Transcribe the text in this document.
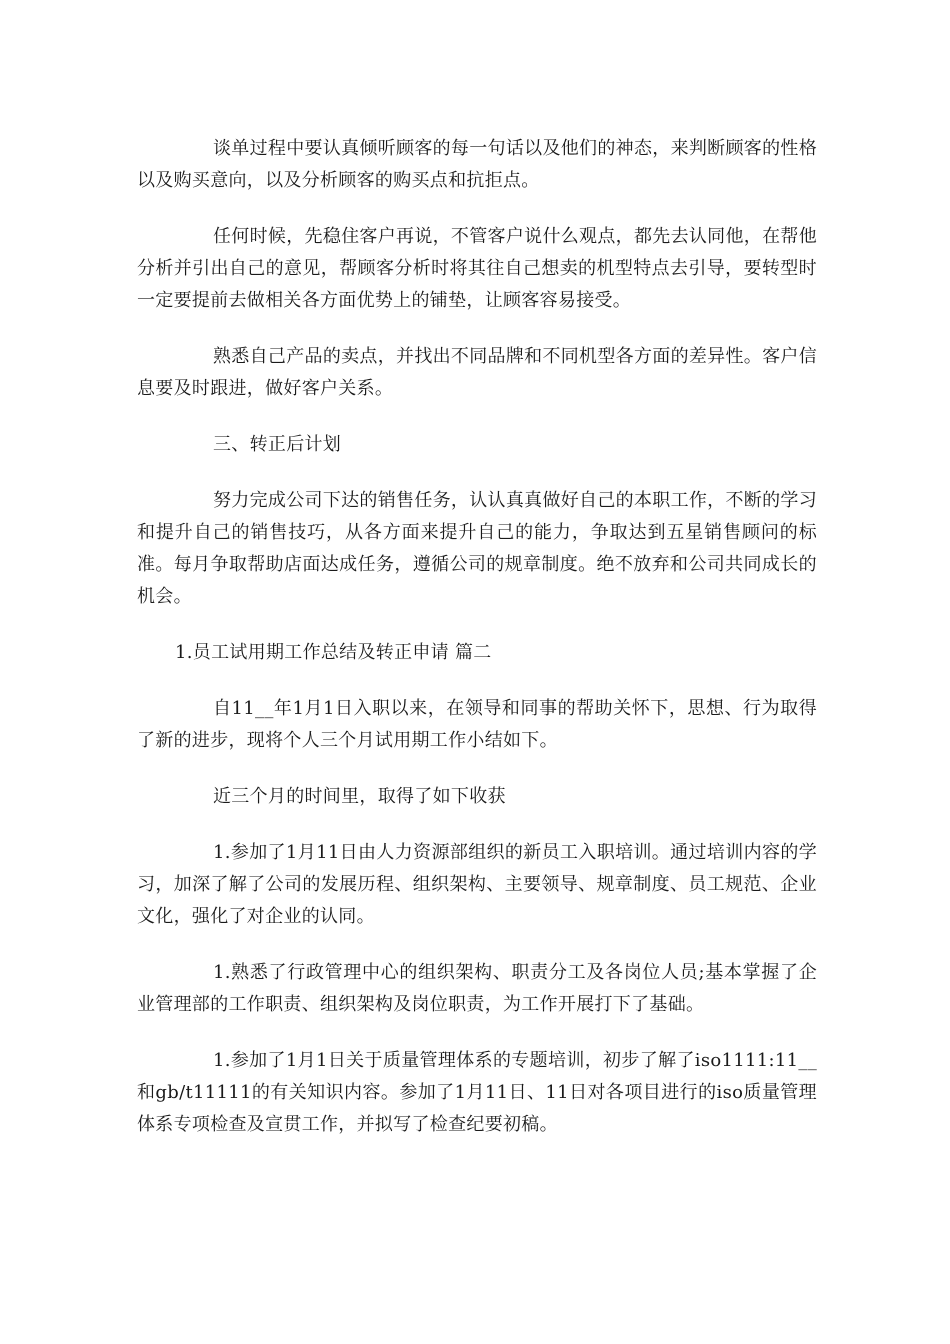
谈单过程中要认真倾听顾客的每一句话以及他们的神态，来判断顾客的性格以及购买意向，以及分析顾客的购买点和抗拒点。

任何时候，先稳住客户再说，不管客户说什么观点，都先去认同他，在帮他分析并引出自己的意见，帮顾客分析时将其往自己想卖的机型特点去引导，要转型时一定要提前去做相关各方面优势上的铺垫，让顾客容易接受。

熟悉自己产品的卖点，并找出不同品牌和不同机型各方面的差异性。客户信息要及时跟进，做好客户关系。

三、转正后计划

努力完成公司下达的销售任务，认认真真做好自己的本职工作，不断的学习和提升自己的销售技巧，从各方面来提升自己的能力，争取达到五星销售顾问的标准。每月争取帮助店面达成任务，遵循公司的规章制度。绝不放弃和公司共同成长的机会。

1.员工试用期工作总结及转正申请 篇二

自11__年1月1日入职以来，在领导和同事的帮助关怀下，思想、行为取得了新的进步，现将个人三个月试用期工作小结如下。

近三个月的时间里，取得了如下收获

1.参加了1月11日由人力资源部组织的新员工入职培训。通过培训内容的学习，加深了解了公司的发展历程、组织架构、主要领导、规章制度、员工规范、企业文化，强化了对企业的认同。

1.熟悉了行政管理中心的组织架构、职责分工及各岗位人员;基本掌握了企业管理部的工作职责、组织架构及岗位职责，为工作开展打下了基础。

1.参加了1月1日关于质量管理体系的专题培训，初步了解了iso1111:11__和gb/t11111的有关知识内容。参加了1月11日、11日对各项目进行的iso质量管理体系专项检查及宣贯工作，并拟写了检查纪要初稿。
